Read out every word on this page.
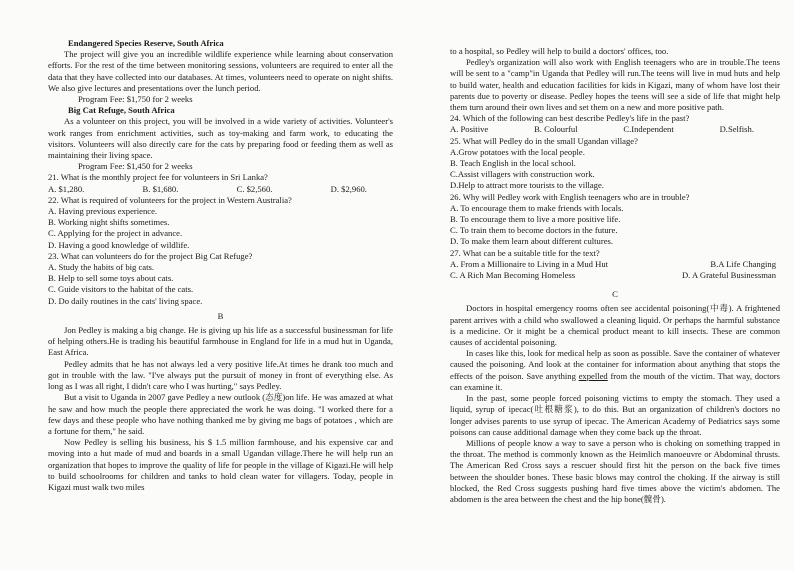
Endangered Species Reserve, South Africa

The project will give you an incredible wildlife experience while learning about conservation efforts. For the rest of the time between monitoring sessions, volunteers are required to enter all the data that they have collected into our databases. At times, volunteers need to operate on night shifts. We also give lectures and presentations over the lunch period.

Program Fee: $1,750 for 2 weeks

Big Cat Refuge, South Africa

As a volunteer on this project, you will be involved in a wide variety of activities. Volunteer's work ranges from enrichment activities, such as toy-making and farm work, to educating the visitors. Volunteers will also directly care for the cats by preparing food or feeding them as well as maintaining their living space.

Program Fee: $1,450 for 2 weeks

21. What is the monthly project fee for volunteers in Sri Lanka?

A. $1,280.	B. $1,680.	C. $2,560.	D. $2,960.

22. What is required of volunteers for the project in Western Australia?

A. Having previous experience.

B. Working night shifts sometimes.

C. Applying for the project in advance.

D. Having a good knowledge of wildlife.

23. What can volunteers do for the project Big Cat Refuge?

A. Study the habits of big cats.

B. Help to sell some toys about cats.

C. Guide visitors to the habitat of the cats.

D. Do daily routines in the cats' living space.

B

Jon Pedley is making a big change. He is giving up his life as a successful businessman for life of helping others.He is trading his beautiful farmhouse in England for life in a mud hut in Uganda, East Africa.

Pedley admits that he has not always led a very positive life.At times he drank too much and got in trouble with the law. "I've always put the pursuit of money in front of everything else. As long as I was all right, I didn't care who I was hurting," says Pedley.

But a visit to Uganda in 2007 gave Pedley a new outlook (态度)on life. He was amazed at what he saw and how much the people there appreciated the work he was doing. "I worked there for a few days and these people who have nothing thanked me by giving me bags of potatoes , which are a fortune for them," he said.

Now Pedley is selling his business, his $ 1.5 million farmhouse, and his expensive car and moving into a hut made of mud and boards in a small Ugandan village.There he will help run an organization that hopes to improve the quality of life for people in the village of Kigazi.He will help to build schoolrooms for children and tanks to hold clean water for villagers. Today, people in Kigazi must walk two miles

to a hospital, so Pedley will help to build a doctors' offices, too.

Pedley's organization will also work with English teenagers who are in trouble.The teens will be sent to a "camp"in Uganda that Pedley will run.The teens will live in mud huts and help to build water, health and education facilities for kids in Kigazi, many of whom have lost their parents due to poverty or disease. Pedley hopes the teens will see a side of life that might help them turn around their own lives and set them on a new and more positive path.

24. Which of the following can best describe Pedley's life in the past?

A. Positive	B. Colourful	C.Independent	D.Selfish.

25. What will Pedley do in the small Ugandan village?

A.Grow potatoes with the local people.

B. Teach English in the local school.

C.Assist villagers with construction work.

D.Help to attract more tourists to the village.

26. Why will Pedley work with English teenagers who are in trouble?

A. To encourage them to make friends with locals.

B. To encourage them to live a more positive life.

C. To train them to become doctors in the future.

D. To make them learn about different cultures.

27. What can be a suitable title for the text?

A. From a Millionaire to Living in a Mud Hut	B.A Life Changing
C. A Rich Man Becoming Homeless	D. A Grateful Businessman

C

Doctors in hospital emergency rooms often see accidental poisoning(中毒). A frightened parent arrives with a child who swallowed a cleaning liquid. Or perhaps the harmful substance is a medicine. Or it might be a chemical product meant to kill insects. These are common causes of accidental poisoning.

In cases like this, look for medical help as soon as possible. Save the container of whatever caused the poisoning. And look at the container for information about anything that stops the effects of the poison. Save anything expelled from the mouth of the victim. That way, doctors can examine it.

In the past, some people forced poisoning victims to empty the stomach. They used a liquid, syrup of ipecac(吐根糖浆), to do this. But an organization of children's doctors no longer advises parents to use syrup of ipecac. The American Academy of Pediatrics says some poisons can cause additional damage when they come back up the throat.

Millions of people know a way to save a person who is choking on something trapped in the throat. The method is commonly known as the Heimlich manoeuvre or Abdominal thrusts. The American Red Cross says a rescuer should first hit the person on the back five times between the shoulder bones. These basic blows may control the choking. If the airway is still blocked, the Red Cross suggests pushing hard five times above the victim's abdomen. The abdomen is the area between the chest and the hip bone(髋骨).
